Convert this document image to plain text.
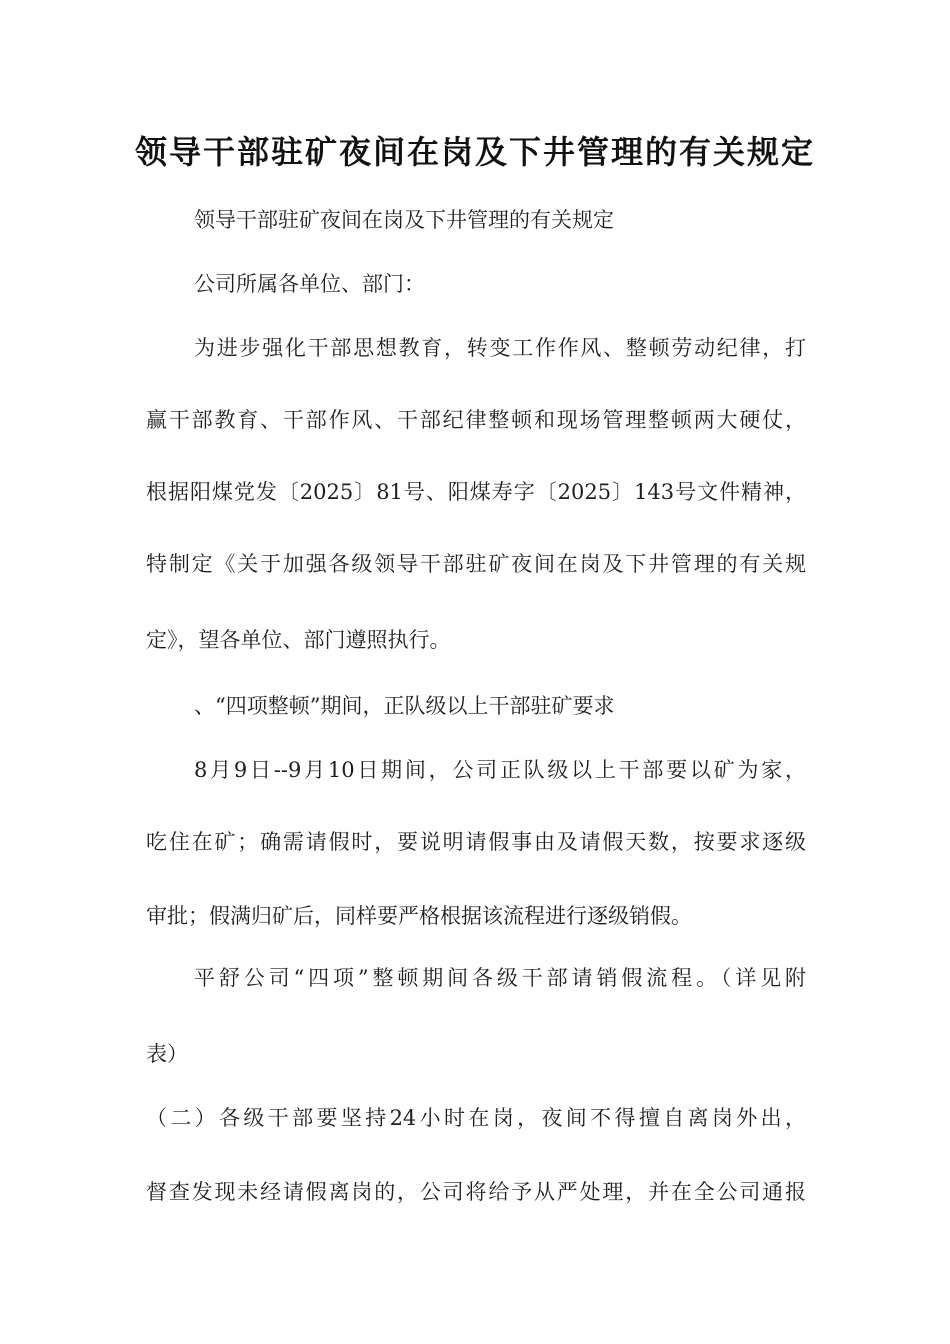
领导干部驻矿夜间在岗及下井管理的有关规定

领导干部驻矿夜间在岗及下井管理的有关规定

公司所属各单位、部门：

为进步强化干部思想教育，转变工作作风、整顿劳动纪律，打

赢干部教育、干部作风、干部纪律整顿和现场管理整顿两大硬仗，

根据阳煤党发〔2025〕81号、阳煤寿字〔2025〕143号文件精神，

特制定《关于加强各级领导干部驻矿夜间在岗及下井管理的有关规

定》，望各单位、部门遵照执行。

、“四项整顿”期间，正队级以上干部驻矿要求

8月9日--9月10日期间，公司正队级以上干部要以矿为家，

吃住在矿；确需请假时，要说明请假事由及请假天数，按要求逐级

审批；假满归矿后，同样要严格根据该流程进行逐级销假。

平舒公司“四项”整顿期间各级干部请销假流程。（详见附

表）

（二）各级干部要坚持24小时在岗，夜间不得擅自离岗外出，

督查发现未经请假离岗的，公司将给予从严处理，并在全公司通报
